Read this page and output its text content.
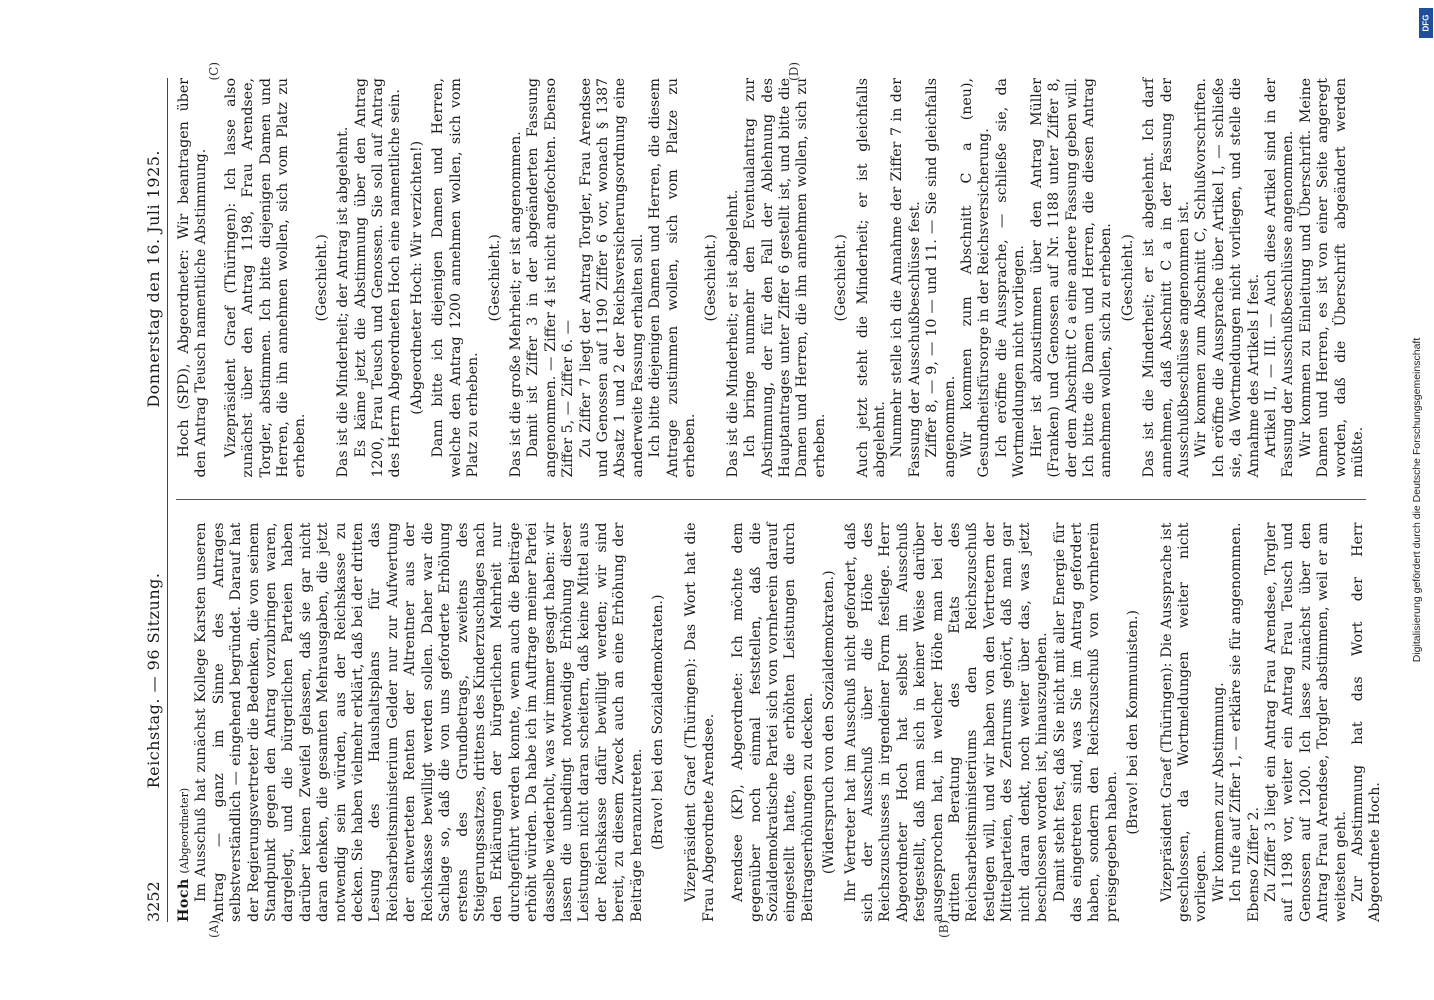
3252
Reichstag. — 96 Sitzung.
Donnerstag den 16. Juli 1925.
(A)	(B)

Hoch (Abgeordneter) Im Ausschuß hat zunächst Kollege Karsten unseren Antrag — ganz im Sinne des Antrages selbstverständlich — eingehend begründet. Darauf hat der Regierungsvertreter die Bedenken, die von seinem Standpunkt gegen den Antrag vorzubringen waren, dargelegt, und die bürgerlichen Parteien haben darüber keinen Zweifel gelassen, daß sie gar nicht daran denken, die gesamten Mehrausgaben, die jetzt notwendig sein würden, aus der Reichskasse zu decken. Sie haben vielmehr erklärt, daß bei der dritten Lesung des Haushaltsplans für das Reichsarbeitsministerium Gelder nur zur Aufwertung der entwerteten Renten der Altrentner aus der Reichskasse bewilligt werden sollen. Daher war die Sachlage so, daß die von uns geforderte Erhöhung erstens des Grundbetrags, zweitens des Steigerungssatzes, drittens des Kinderzuschlages nach den Erklärungen der bürgerlichen Mehrheit nur durchgeführt werden konnte, wenn auch die Beiträge erhöht würden. Da habe ich im Auftrage meiner Partei dasselbe wiederholt, was wir immer gesagt haben: wir lassen die unbedingt notwendige Erhöhung dieser Leistungen nicht daran scheitern, daß keine Mittel aus der Reichskasse dafür bewilligt werden; wir sind bereit, zu diesem Zweck auch an eine Erhöhung der Beiträge heranzutreten. (Bravo! bei den Sozialdemokraten.) Vizepräsident Graef (Thüringen): Das Wort hat die Frau Abgeordnete Arendsee. Arendsee (KP), Abgeordnete: Ich möchte dem gegenüber noch einmal feststellen, daß die Sozialdemokratische Partei sich von vornherein darauf eingestellt hatte, die erhöhten Leistungen durch Beitragserhöhungen zu decken. (Widerspruch von den Sozialdemokraten.) Ihr Vertreter hat im Ausschuß nicht gefordert, daß sich der Ausschuß über die Höhe des Reichszuschusses in irgendeiner Form festlege. Herr Abgeordneter Hoch hat selbst im Ausschuß festgestellt, daß man sich in keiner Weise darüber ausgesprochen hat, in welcher Höhe man bei der dritten Beratung des Etats des Reichsarbeitsministeriums den Reichszuschuß festlegen will, und wir haben von den Vertretern der Mittelparteien, des Zentrums gehört, daß man gar nicht daran denkt, noch weiter über das, was jetzt beschlossen worden ist, hinauszugehen. Damit steht fest, daß Sie nicht mit aller Energie für das eingetreten sind, was Sie im Antrag gefordert haben, sondern den Reichszuschuß von vornherein preisgegeben haben.

(Bravo! bei den Kommunisten.) Vizepräsident Graef (Thüringen): Die Aussprache ist geschlossen, da Wortmeldungen weiter nicht vorliegen. Wir kommen zur Abstimmung. Ich rufe auf Ziffer 1, — erkläre sie für angenommen. Ebenso Ziffer 2. Zu Ziffer 3 liegt ein Antrag Frau Arendsee, Torgler auf 1198 vor, weiter ein Antrag Frau Teusch und Genossen auf 1200. Ich lasse zunächst über den Antrag Frau Arendsee, Torgler abstimmen, weil er am weitesten geht. Zur Abstimmung hat das Wort der Herr Abgeordnete Hoch.

(C)	(D)

Hoch (SPD), Abgeordneter: Wir beantragen über den Antrag Teusch namentliche Abstimmung. Vizepräsident Graef (Thüringen): Ich lasse also zunächst über den Antrag 1198, Frau Arendsee, Torgler, abstimmen. Ich bitte diejenigen Damen und Herren, die ihn annehmen wollen, sich vom Platz zu erheben.

(Geschieht.) Das ist die Minderheit; der Antrag ist abgelehnt. Es käme jetzt die Abstimmung über den Antrag 1200, Frau Teusch und Genossen. Sie soll auf Antrag des Herrn Abgeordneten Hoch eine namentliche sein. (Abgeordneter Hoch: Wir verzichten!) Dann bitte ich diejenigen Damen und Herren, welche den Antrag 1200 annehmen wollen, sich vom Platz zu erheben.

(Geschieht.) Das ist die große Mehrheit; er ist angenommen. Damit ist Ziffer 3 in der abgeänderten Fassung angenommen. — Ziffer 4 ist nicht angefochten. Ebenso Ziffer 5, — Ziffer 6. — Zu Ziffer 7 liegt der Antrag Torgler, Frau Arendsee und Genossen auf 1190 Ziffer 6 vor, wonach § 1387 Absatz 1 und 2 der Reichsversicherungsordnung eine anderweite Fassung erhalten soll. Ich bitte diejenigen Damen und Herren, die diesem Antrage zustimmen wollen, sich vom Platze zu erheben.

(Geschieht.) Das ist die Minderheit; er ist abgelehnt. Ich bringe nunmehr den Eventualantrag zur Abstimmung, der für den Fall der Ablehnung des Hauptantrages unter Ziffer 6 gestellt ist, und bitte die Damen und Herren, die ihn annehmen wollen, sich zu erheben.

(Geschieht.) Auch jetzt steht die Minderheit; er ist gleichfalls abgelehnt. Nunmehr stelle ich die Annahme der Ziffer 7 in der Fassung der Ausschußbeschlüsse fest. Ziffer 8, — 9, — 10 — und 11. — Sie sind gleichfalls angenommen. Wir kommen zum Abschnitt C a (neu), Gesundheitsfürsorge in der Reichsversicherung. Ich eröffne die Aussprache, — schließe sie, da Wortmeldungen nicht vorliegen. Hier ist abzustimmen über den Antrag Müller (Franken) und Genossen auf Nr. 1188 unter Ziffer 8, der dem Abschnitt C a eine andere Fassung geben will. Ich bitte die Damen und Herren, die diesen Antrag annehmen wollen, sich zu erheben. (Geschieht.) Das ist die Minderheit; er ist abgelehnt. Ich darf annehmen, daß Abschnitt C a in der Fassung der Ausschußbeschlüsse angenommen ist. Wir kommen zum Abschnitt C, Schlußvorschriften. Ich eröffne die Aussprache über Artikel I, — schließe sie, da Wortmeldungen nicht vorliegen, und stelle die Annahme des Artikels I fest. Artikel II, — III. — Auch diese Artikel sind in der Fassung der Ausschußbeschlüsse angenommen. Wir kommen zu Einleitung und Überschrift. Meine Damen und Herren, es ist von einer Seite angeregt worden, daß die Überschrift abgeändert werden müßte.	Digitalisierung gefördert durch die Deutsche Forschungsgemeinschaft
DFG
